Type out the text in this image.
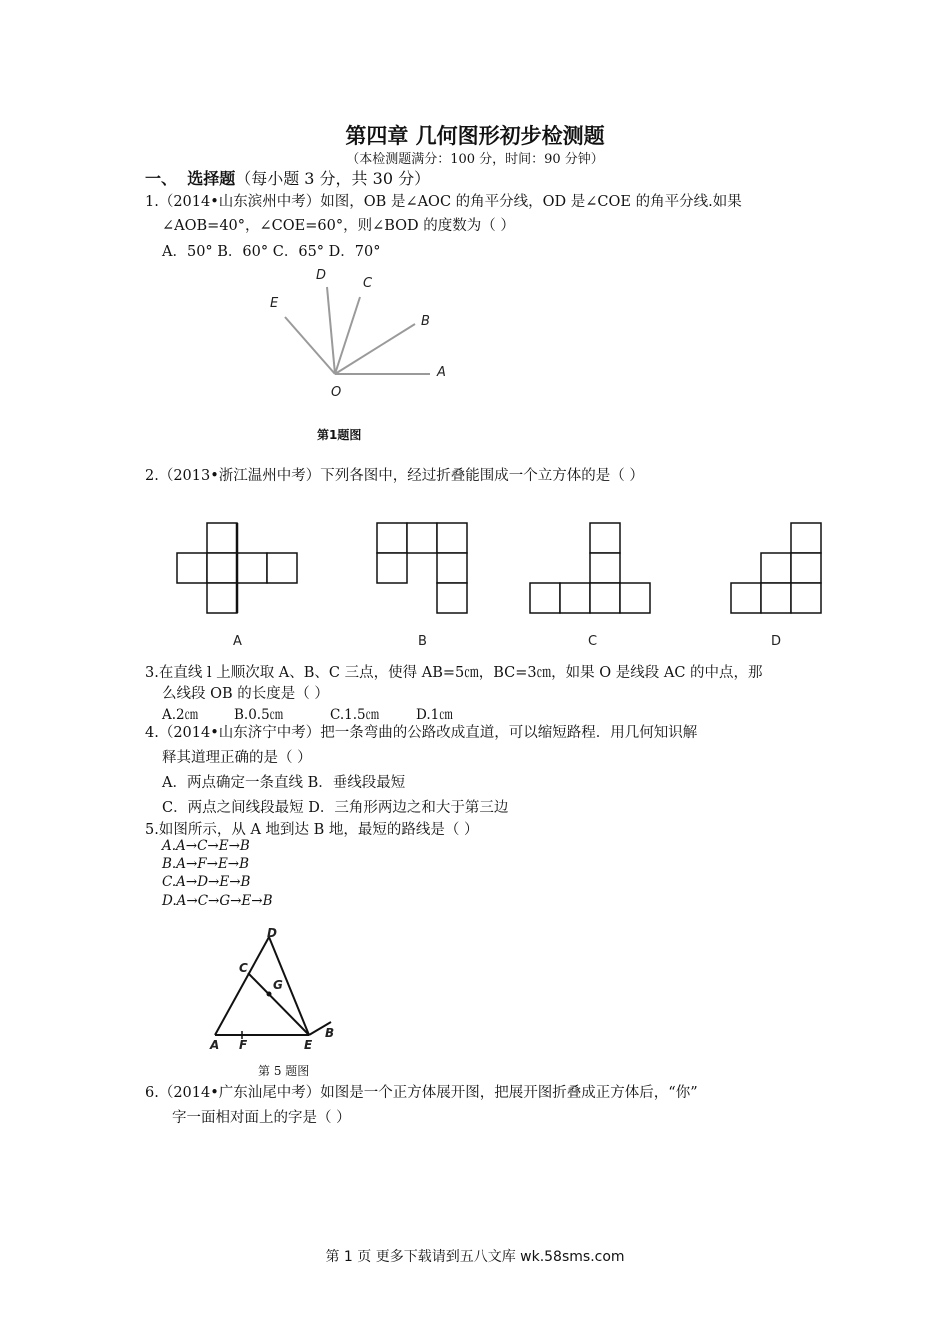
第四章 几何图形初步检测题
（本检测题满分：100 分，时间：90 分钟）
一、 选择题（每小题 3 分，共 30 分）
1.（2014•山东滨州中考）如图，OB 是∠AOC 的角平分线，OD 是∠COE 的角平分线.如果
∠AOB=40°，∠COE=60°，则∠BOD 的度数为（ ）
A．50° B．60° C．65° D．70°
D
C
E
B
O
A
第1题图
2.（2013•浙江温州中考）下列各图中，经过折叠能围成一个立方体的是（ ）
A	B	C	D
3.在直线 l 上顺次取 A、B、C 三点，使得 AB=5㎝，BC=3㎝，如果 O 是线段 AC 的中点，那
么线段 OB 的长度是（ ）
A.2㎝	B.0.5㎝	C.1.5㎝	D.1㎝
4.（2014•山东济宁中考）把一条弯曲的公路改成直道，可以缩短路程．用几何知识解
释其道理正确的是（ ）
A．两点确定一条直线 B．垂线段最短
C．两点之间线段最短 D．三角形两边之和大于第三边
5.如图所示，从 A 地到达 B 地，最短的路线是（ ）
A.A→C→E→B
B.A→F→E→B
C.A→D→E→B
D.A→C→G→E→B
D
C
G
A F	E
B
第 5 题图
6.（2014•广东汕尾中考）如图是一个正方体展开图，把展开图折叠成正方体后，“你”
字一面相对面上的字是（ ）
第 1 页 更多下载请到五八文库 wk.58sms.com
